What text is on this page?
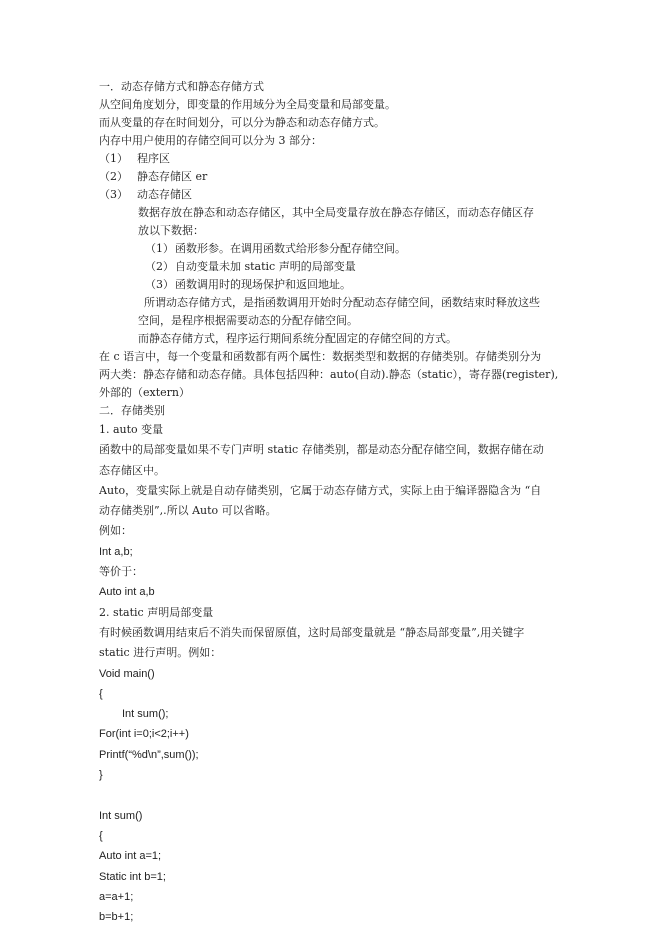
一．动态存储方式和静态存储方式
从空间角度划分，即变量的作用域分为全局变量和局部变量。
而从变量的存在时间划分，可以分为静态和动态存储方式。
内存中用户使用的存储空间可以分为 3 部分：
（1） 程序区
（2） 静态存储区 er
（3） 动态存储区
数据存放在静态和动态存储区，其中全局变量存放在静态存储区，而动态存储区存
放以下数据：
（1）函数形参。在调用函数式给形参分配存储空间。
（2）自动变量未加 static 声明的局部变量
（3）函数调用时的现场保护和返回地址。
所谓动态存储方式，是指函数调用开始时分配动态存储空间，函数结束时释放这些
空间，是程序根据需要动态的分配存储空间。
而静态存储方式，程序运行期间系统分配固定的存储空间的方式。
在 c 语言中，每一个变量和函数都有两个属性：数据类型和数据的存储类别。存储类别分为
两大类：静态存储和动态存储。具体包括四种：auto(自动).静态（static），寄存器(register),
外部的（extern）
二．存储类别
1. auto 变量
函数中的局部变量如果不专门声明 static 存储类别，都是动态分配存储空间，数据存储在动
态存储区中。
Auto，变量实际上就是自动存储类别，它属于动态存储方式，实际上由于编译器隐含为 “自
动存储类别”,.所以 Auto 可以省略。
例如：
Int a,b;
等价于：
Auto int a,b
2. static 声明局部变量
有时候函数调用结束后不消失而保留原值，这时局部变量就是 “静态局部变量”,用关键字
static 进行声明。例如：
Void main()
{
Int sum();
For(int i=0;i<2;i++)
Printf(“%d\n”,sum());
}
Int sum()
{
Auto int a=1;
Static int b=1;
a=a+1;
b=b+1;
